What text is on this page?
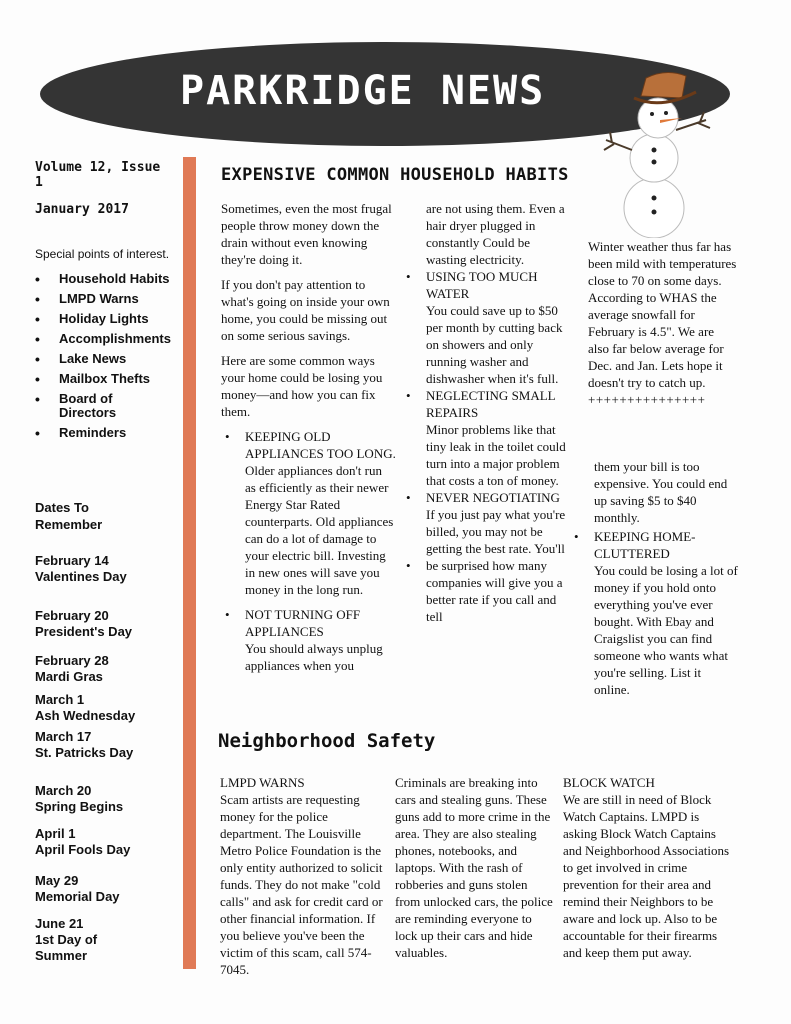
PARKRIDGE NEWS
Volume 12, Issue 1
January 2017
Special points of interest.
• Household Habits
• LMPD Warns
• Holiday Lights
• Accomplishments
• Lake News
• Mailbox Thefts
• Board of Directors
• Reminders
Dates To Remember
February 14
Valentines Day
February 20
President's Day
February 28
Mardi Gras
March 1
Ash Wednesday
March 17
St. Patricks Day
March 20
Spring Begins
April 1
April Fools Day
May 29
Memorial Day
June 21
1st Day of Summer
EXPENSIVE COMMON HOUSEHOLD HABITS

Sometimes, even the most frugal people throw money down the drain without even knowing they're doing it.

If you don't pay attention to what's going on inside your own home, you could be missing out on some serious savings.

Here are some common ways your home could be losing you money—and how you can fix them.

• KEEPING OLD APPLIANCES TOO LONG.
Older appliances don't run as efficiently as their newer Energy Star Rated counterparts. Old appliances can do a lot of damage to your electric bill. Investing in new ones will save you money in the long run.
• NOT TURNING OFF APPLIANCES
You should always unplug appliances when you
are not using them. Even a hair dryer plugged in constantly Could be wasting electricity.
• USING TOO MUCH WATER
You could save up to $50 per month by cutting back on showers and only running washer and dishwasher when it's full.
• NEGLECTING SMALL REPAIRS
Minor problems like that tiny leak in the toilet could turn into a major problem that costs a ton of money.
• NEVER NEGOTIATING
If you just pay what you're billed, you may not be getting the best rate. You'll
• be surprised how many companies will give you a better rate if you call and tell
Winter weather thus far has been mild with temperatures close to 70 on some days. According to WHAS the average snowfall for February is 4.5". We are also far below average for Dec. and Jan. Lets hope it doesn't try to catch up.
+++++++++++++++
them your bill is too expensive. You could end up saving $5 to $40 monthly.
• KEEPING HOME-CLUTTERED
You could be losing a lot of money if you hold onto everything you've ever bought. With Ebay and Craigslist you can find someone who wants what you're selling. List it online.
Neighborhood Safety
LMPD WARNS
Scam artists are requesting money for the police department. The Louisville Metro Police Foundation is the only entity authorized to solicit funds. They do not make "cold calls" and ask for credit card or other financial information. If you believe you've been the victim of this scam, call 574-7045.
Criminals are breaking into cars and stealing guns. These guns add to more crime in the area. They are also stealing phones, notebooks, and laptops. With the rash of robberies and guns stolen from unlocked cars, the police are reminding everyone to lock up their cars and hide valuables.
BLOCK WATCH
We are still in need of Block Watch Captains. LMPD is asking Block Watch Captains and Neighborhood Associations to get involved in crime prevention for their area and remind their Neighbors to be aware and lock up. Also to be accountable for their firearms and keep them put away.
